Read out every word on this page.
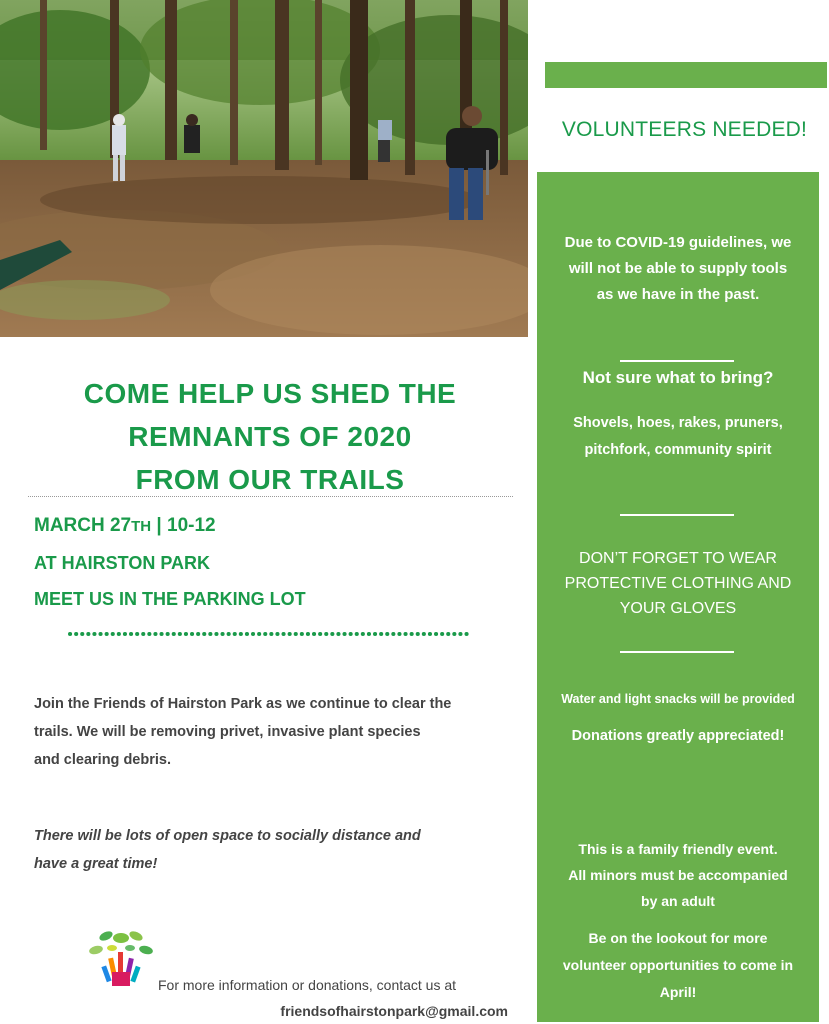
VOLUNTEERS NEEDED!
Due to COVID-19 guidelines, we
will not be able to supply tools
as we have in the past.
Not sure what to bring?
Shovels, hoes, rakes, pruners,
pitchfork, community spirit
DON’T FORGET TO WEAR
PROTECTIVE CLOTHING AND
YOUR GLOVES
Water and light snacks will be provided
Donations greatly appreciated!
This is a family friendly event.
All minors must be accompanied
by an adult
Be on the lookout for more
volunteer opportunities to come in
April!
COME HELP US SHED THE
REMNANTS OF 2020
FROM OUR TRAILS
MARCH 27TH | 10-12
AT HAIRSTON PARK
MEET US IN THE PARKING LOT
Join the Friends of Hairston Park as we continue to clear the
trails. We will be removing privet, invasive plant species
and clearing debris.
There will be lots of open space to socially distance and
have a great time!
For more information or donations, contact us at
friendsofhairstonpark@gmail.com
